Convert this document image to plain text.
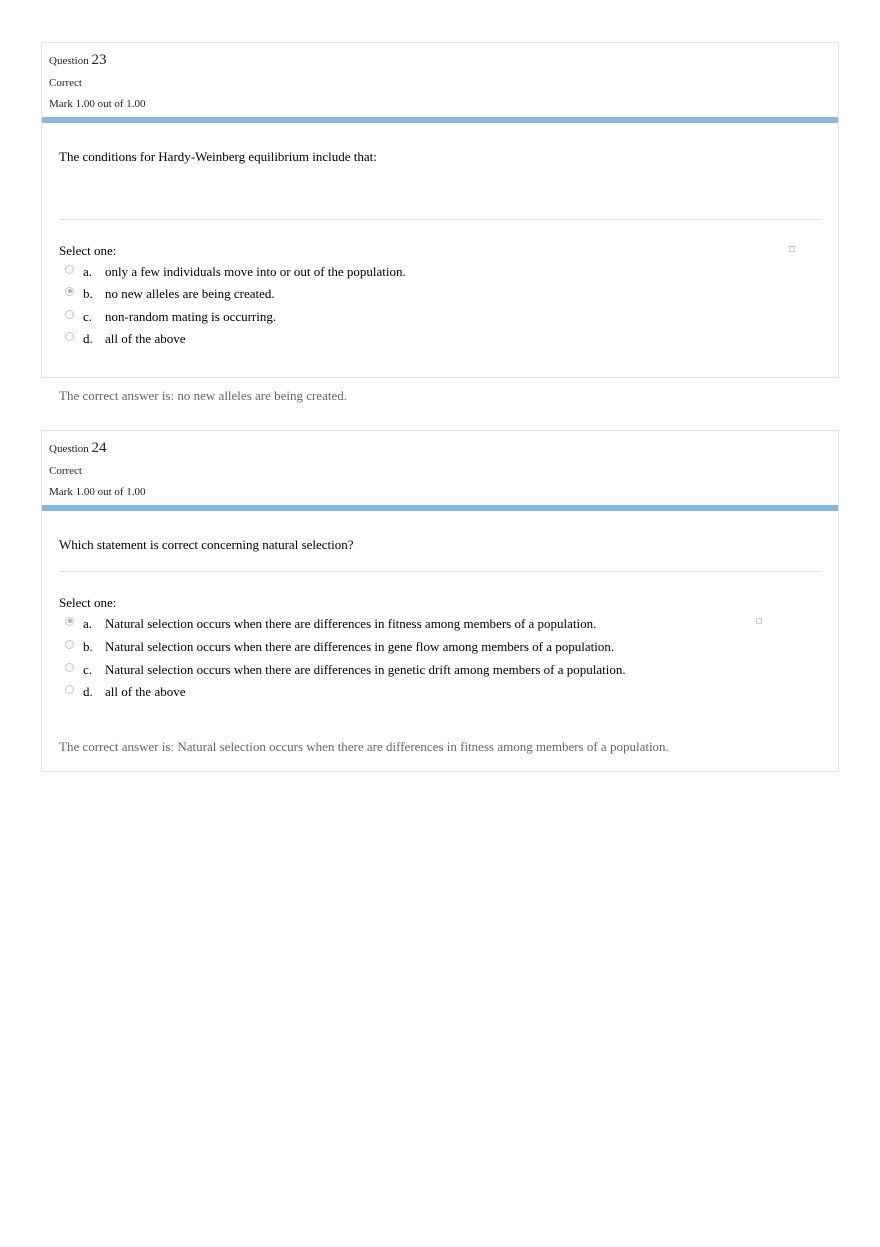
Question 23
Correct
Mark 1.00 out of 1.00

The conditions for Hardy-Weinberg equilibrium include that:

Select one:
a. only a few individuals move into or out of the population.
b. no new alleles are being created.
c. non-random mating is occurring.
d. all of the above
The correct answer is: no new alleles are being created.
Question 24
Correct
Mark 1.00 out of 1.00

Which statement is correct concerning natural selection?

Select one:
a. Natural selection occurs when there are differences in fitness among members of a population.
b. Natural selection occurs when there are differences in gene flow among members of a population.
c. Natural selection occurs when there are differences in genetic drift among members of a population.
d. all of the above
The correct answer is: Natural selection occurs when there are differences in fitness among members of a population.
